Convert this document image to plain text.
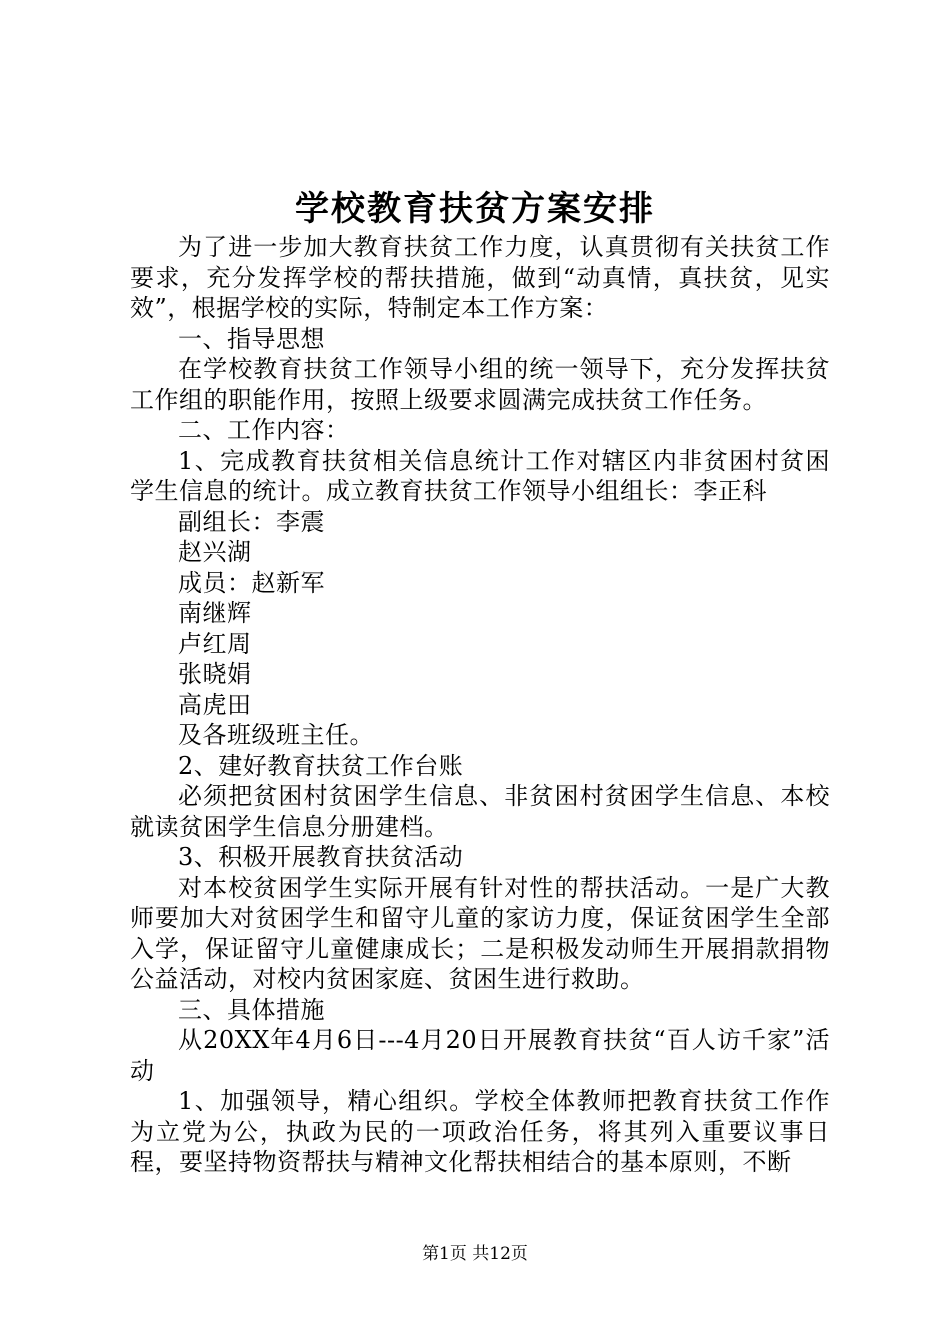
学校教育扶贫方案安排

为了进一步加大教育扶贫工作力度，认真贯彻有关扶贫工作要求，充分发挥学校的帮扶措施，做到“动真情，真扶贫，见实效”，根据学校的实际，特制定本工作方案：

一、指导思想

在学校教育扶贫工作领导小组的统一领导下，充分发挥扶贫工作组的职能作用，按照上级要求圆满完成扶贫工作任务。

二、工作内容：

1、完成教育扶贫相关信息统计工作对辖区内非贫困村贫困学生信息的统计。成立教育扶贫工作领导小组组长：李正科

副组长：李震

赵兴湖

成员：赵新军

南继辉

卢红周

张晓娟

高虎田

及各班级班主任。

2、建好教育扶贫工作台账

必须把贫困村贫困学生信息、非贫困村贫困学生信息、本校就读贫困学生信息分册建档。

3、积极开展教育扶贫活动

对本校贫困学生实际开展有针对性的帮扶活动。一是广大教师要加大对贫困学生和留守儿童的家访力度，保证贫困学生全部入学，保证留守儿童健康成长；二是积极发动师生开展捐款捐物公益活动，对校内贫困家庭、贫困生进行救助。

三、具体措施

从20XX年4月6日---4月20日开展教育扶贫“百人访千家”活动

1、加强领导，精心组织。学校全体教师把教育扶贫工作作为立党为公，执政为民的一项政治任务，将其列入重要议事日程，要坚持物资帮扶与精神文化帮扶相结合的基本原则，不断

第1页 共12页
